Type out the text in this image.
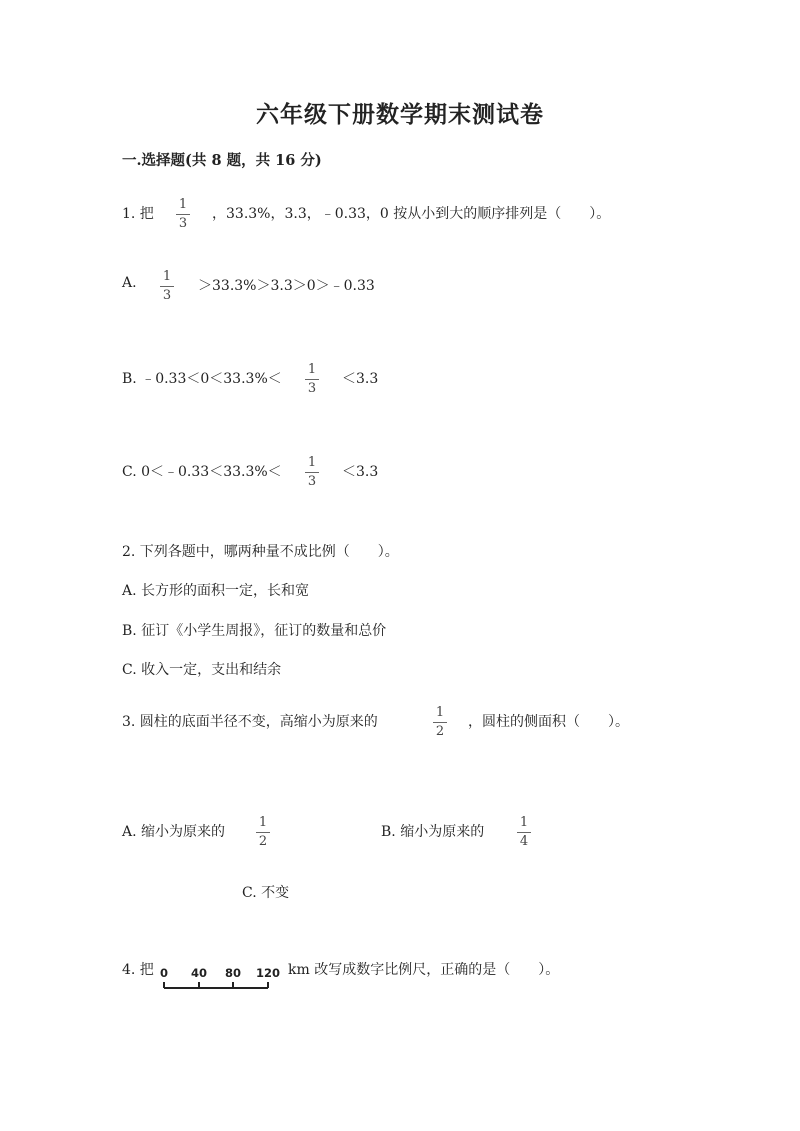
六年级下册数学期末测试卷
一.选择题(共 8 题，共 16 分)
1. 把
1
3
，33.3%，3.3，﹣0.33，0 按从小到大的顺序排列是（　　）。
A. 1
3
＞33.3%＞3.3＞0＞﹣0.33
B. ﹣0.33＜0＜33.3%＜
1
3
＜3.3
C. 0＜﹣0.33＜33.3%＜
1
3
＜3.3
2. 下列各题中，哪两种量不成比例（　　）。
A. 长方形的面积一定，长和宽
B. 征订《小学生周报》，征订的数量和总价
C. 收入一定，支出和结余
3. 圆柱的底面半径不变，高缩小为原来的
1
2
，圆柱的侧面积（　　）。
A. 缩小为原来的
1
2
B. 缩小为原来的
1
4
C. 不变
4. 把 0 40 80 120 km 改写成数字比例尺，正确的是（　　）。
